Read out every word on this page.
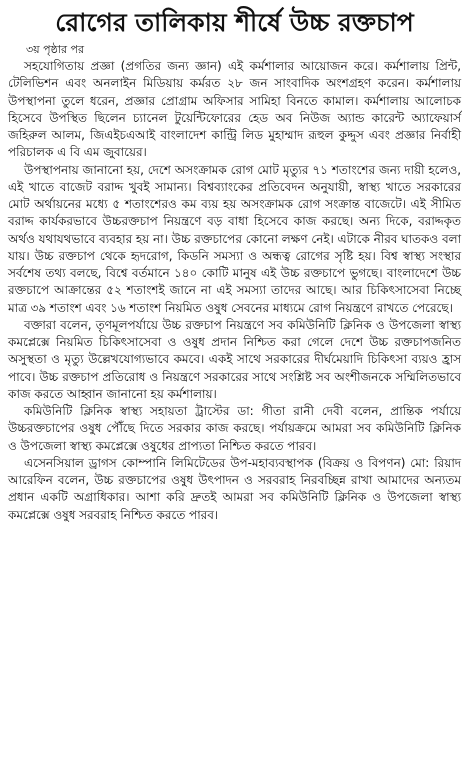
রোগের তালিকায় শীর্ষে উচ্চ রক্তচাপ
৩য় পৃষ্ঠার পর

সহযোগিতায় প্রজ্ঞা (প্রগতির জন্য জ্ঞান) এই কর্মশালার আয়োজন করে। কর্মশালায় প্রিন্ট, টেলিভিশন এবং অনলাইন মিডিয়ায় কর্মরত ২৮ জন সাংবাদিক অংশগ্রহণ করেন। কর্মশালায় উপস্থাপনা তুলে ধরেন, প্রজ্ঞার প্রোগ্রাম অফিসার সামিহা বিনতে কামাল। কর্মশালায় আলোচক হিসেবে উপস্থিত ছিলেন চ্যানেল টুয়েন্টিফোরের হেড অব নিউজ অ্যান্ড কারেন্ট অ্যাফেয়ার্স জহিরুল আলম, জিএইচএআই বাংলাদেশ কান্ট্রি লিড মুহাম্মাদ রূহুল কুদ্দুস এবং প্রজ্ঞার নির্বাহী পরিচালক এ বি এম জুবায়ের।

উপস্থাপনায় জানানো হয়, দেশে অসংক্রামক রোগ মোট মৃত্যুর ৭১ শতাংশের জন্য দায়ী হলেও, এই খাতে বাজেট বরাদ্দ খুবই সামান্য। বিশ্বব্যাংকের প্রতিবেদন অনুযায়ী, স্বাস্থ্য খাতে সরকারের মোট অর্থায়নের মধ্যে ৫ শতাংশেরও কম ব্যয় হয় অসংক্রামক রোগ সংক্রান্ত বাজেটে। এই সীমিত বরাদ্দ কার্যকরভাবে উচ্চরক্তচাপ নিয়ন্ত্রণে বড় বাধা হিসেবে কাজ করছে। অন্য দিকে, বরাদ্দকৃত অর্থও যথাযথভাবে ব্যবহার হয় না। উচ্চ রক্তচাপের কোনো লক্ষণ নেই। এটাকে নীরব ঘাতকও বলা যায়। উচ্চ রক্তচাপ থেকে হৃদরোগ, কিডনি সমস্যা ও অন্ধত্ব রোগের সৃষ্টি হয়। বিশ্ব স্বাস্থ্য সংস্থার সর্বশেষ তথ্য বলছে, বিশ্বে বর্তমানে ১৪০ কোটি মানুষ এই উচ্চ রক্তচাপে ভুগছে। বাংলাদেশে উচ্চ রক্তচাপে আক্রান্তের ৫২ শতাংশই জানে না এই সমস্যা তাদের আছে। আর চিকিৎসাসেবা নিচ্ছে মাত্র ৩৯ শতাংশ এবং ১৬ শতাংশ নিয়মিত ওষুধ সেবনের মাধ্যমে রোগ নিয়ন্ত্রণে রাখতে পেরেছে।

বক্তারা বলেন, তৃণমূলপর্যায়ে উচ্চ রক্তচাপ নিয়ন্ত্রণে সব কমিউনিটি ক্লিনিক ও উপজেলা স্বাস্থ্য কমপ্লেক্সে নিয়মিত চিকিৎসাসেবা ও ওষুধ প্রদান নিশ্চিত করা গেলে দেশে উচ্চ রক্তচাপজনিত অসুস্থতা ও মৃত্যু উল্লেখযোগ্যভাবে কমবে। একই সাথে সরকারের দীর্ঘমেয়াদি চিকিৎসা ব্যয়ও হ্রাস পাবে। উচ্চ রক্তচাপ প্রতিরোধ ও নিয়ন্ত্রণে সরকারের সাথে সংশ্লিষ্ট সব অংশীজনকে সম্মিলিতভাবে কাজ করতে আহ্বান জানানো হয় কর্মশালায়।

কমিউনিটি ক্লিনিক স্বাস্থ্য সহায়তা ট্রাস্টের ডা: গীতা রানী দেবী বলেন, প্রান্তিক পর্যায়ে উচ্চরক্তচাপের ওষুধ পৌঁছে দিতে সরকার কাজ করছে। পর্যায়ক্রমে আমরা সব কমিউনিটি ক্লিনিক ও উপজেলা স্বাস্থ্য কমপ্লেক্সে ওষুধের প্রাপ্যতা নিশ্চিত করতে পারব।

এসেনসিয়াল ড্রাগস কোম্পানি লিমিটেডের উপ-মহাব্যবস্থাপক (বিক্রয় ও বিপণন) মো: রিয়াদ আরেফিন বলেন, উচ্চ রক্তচাপের ওষুধ উৎপাদন ও সরবরাহ নিরবচ্ছিন্ন রাখা আমাদের অন্যতম প্রধান একটি অগ্রাধিকার। আশা করি দ্রুতই আমরা সব কমিউনিটি ক্লিনিক ও উপজেলা স্বাস্থ্য কমপ্লেক্সে ওষুধ সরবরাহ নিশ্চিত করতে পারব।
